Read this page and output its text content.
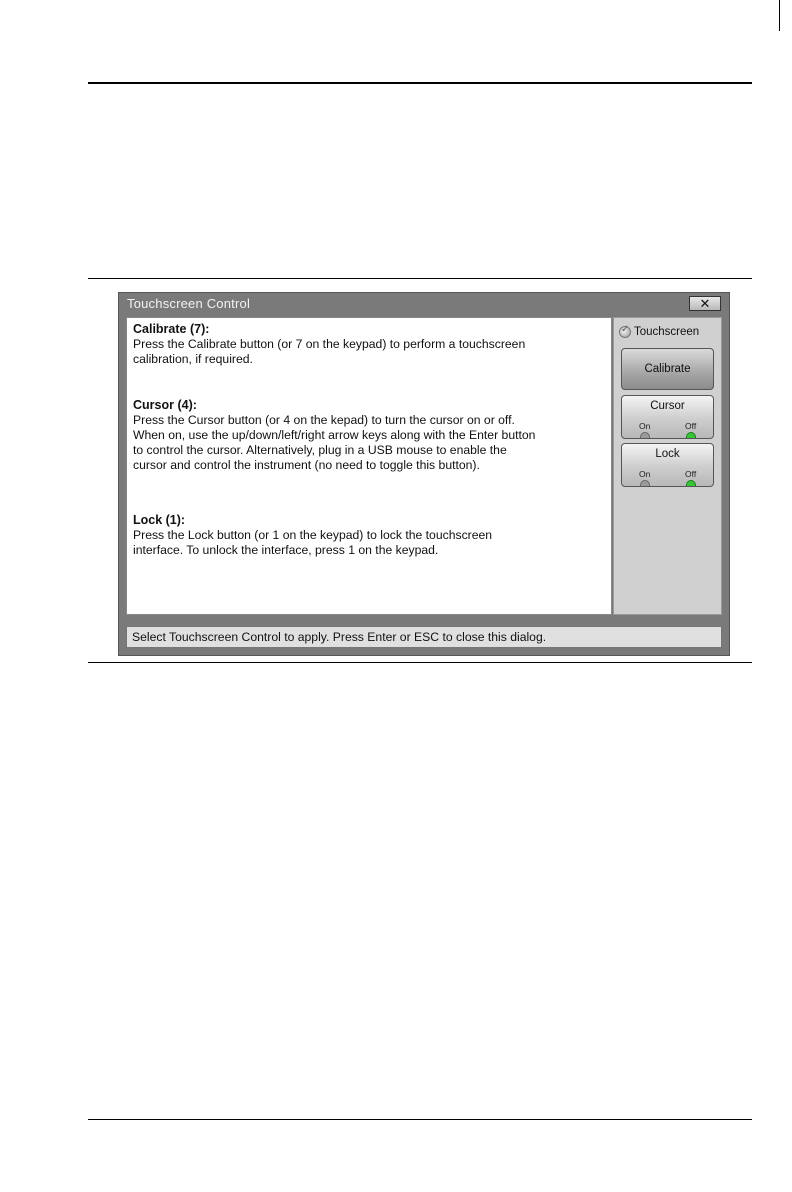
Touchscreen Control	✕
Calibrate (7):

Press the Calibrate button (or 7 on the keypad) to perform a touchscreen
calibration, if required.

Cursor (4):

Press the Cursor button (or 4 on the kepad) to turn the cursor on or off.
When on, use the up/down/left/right arrow keys along with the Enter button
to control the cursor. Alternatively, plug in a USB mouse to enable the
cursor and control the instrument (no need to toggle this button).

Lock (1):

Press the Lock button (or 1 on the keypad) to lock the touchscreen
interface. To unlock the interface, press 1 on the keypad.

✓
Touchscreen
Calibrate
Cursor
On	Off
Lock
On	Off
Select Touchscreen Control to apply. Press Enter or ESC to close this dialog.
